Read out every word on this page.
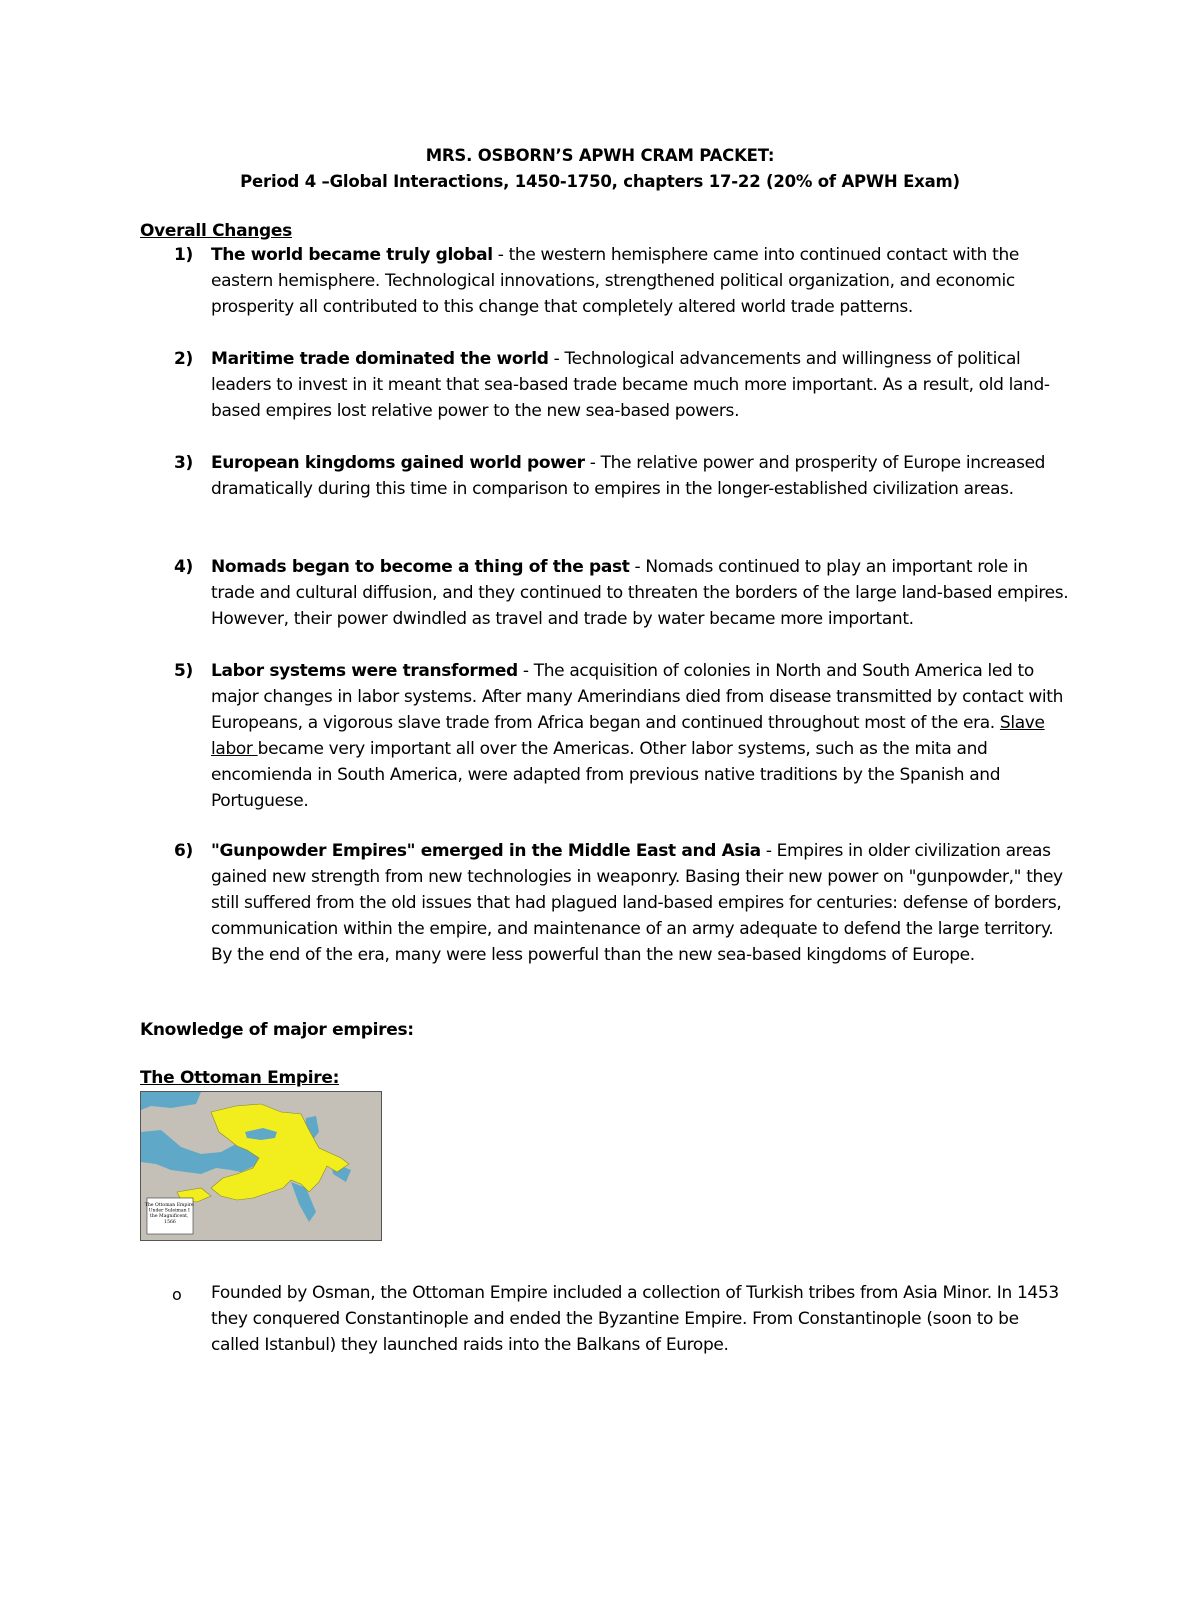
MRS. OSBORN’S APWH CRAM PACKET:
Period 4 –Global Interactions, 1450-1750, chapters 17-22 (20% of APWH Exam)
Overall Changes
1) The world became truly global - the western hemisphere came into continued contact with the eastern hemisphere. Technological innovations, strengthened political organization, and economic prosperity all contributed to this change that completely altered world trade patterns.
2) Maritime trade dominated the world - Technological advancements and willingness of political leaders to invest in it meant that sea-based trade became much more important. As a result, old land-based empires lost relative power to the new sea-based powers.
3) European kingdoms gained world power - The relative power and prosperity of Europe increased dramatically during this time in comparison to empires in the longer-established civilization areas.
4) Nomads began to become a thing of the past - Nomads continued to play an important role in trade and cultural diffusion, and they continued to threaten the borders of the large land-based empires. However, their power dwindled as travel and trade by water became more important.
5) Labor systems were transformed - The acquisition of colonies in North and South America led to major changes in labor systems. After many Amerindians died from disease transmitted by contact with Europeans, a vigorous slave trade from Africa began and continued throughout most of the era. Slave labor became very important all over the Americas. Other labor systems, such as the mita and encomienda in South America, were adapted from previous native traditions by the Spanish and Portuguese.
6) "Gunpowder Empires" emerged in the Middle East and Asia - Empires in older civilization areas gained new strength from new technologies in weaponry. Basing their new power on "gunpowder," they still suffered from the old issues that had plagued land-based empires for centuries: defense of borders, communication within the empire, and maintenance of an army adequate to defend the large territory. By the end of the era, many were less powerful than the new sea-based kingdoms of Europe.
Knowledge of major empires:
The Ottoman Empire:
The Ottoman Empire Under Suleiman I the Magnificent, 1566
o Founded by Osman, the Ottoman Empire included a collection of Turkish tribes from Asia Minor. In 1453 they conquered Constantinople and ended the Byzantine Empire. From Constantinople (soon to be called Istanbul) they launched raids into the Balkans of Europe.
